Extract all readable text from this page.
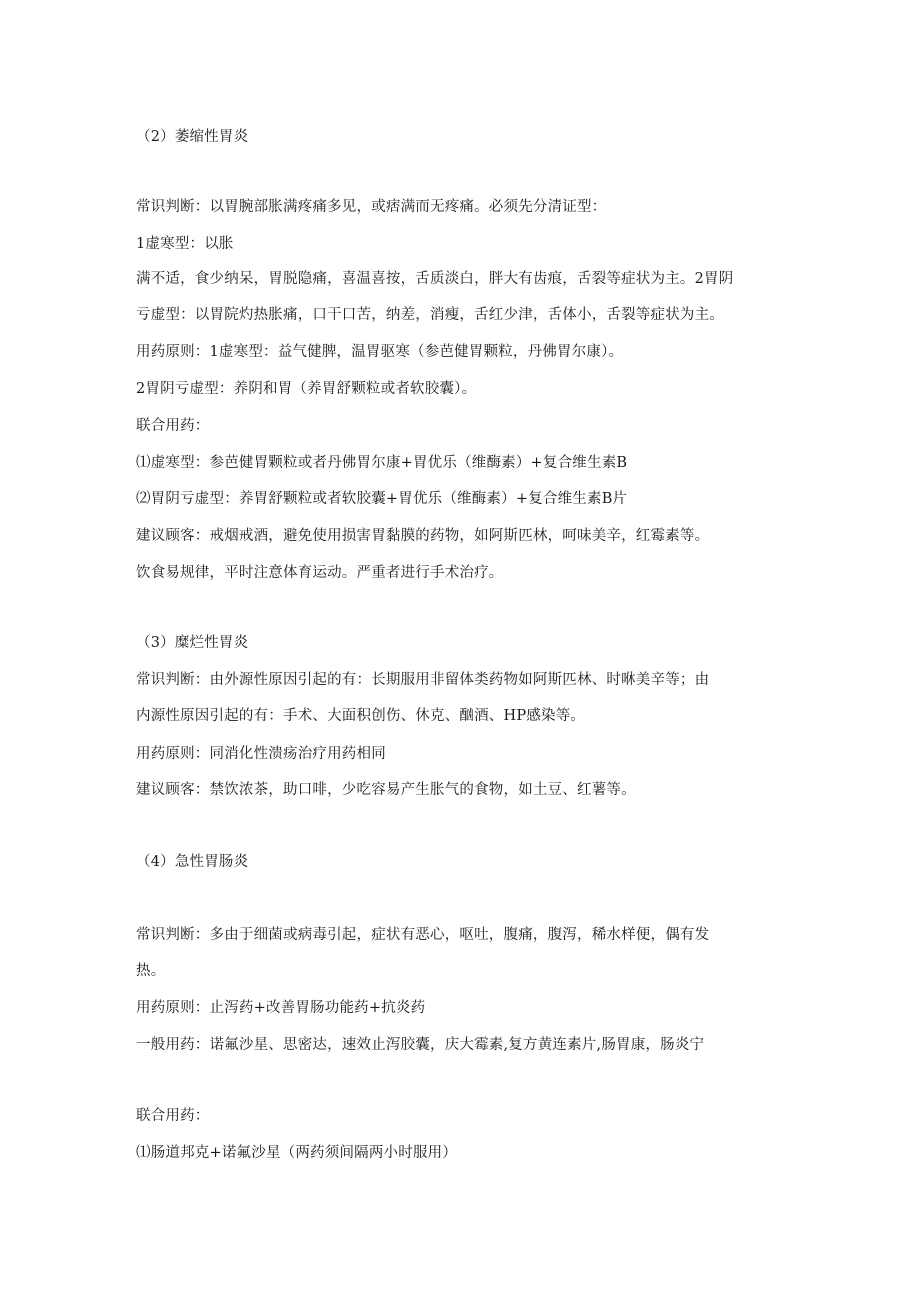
（2）萎缩性胃炎
常识判断：以胃腕部胀满疼痛多见，或痞满而无疼痛。必须先分清证型：
1虚寒型：以胀
满不适，食少纳呆，胃脱隐痛，喜温喜按，舌质淡白，胖大有齿痕，舌裂等症状为主。2胃阴
亏虚型：以胃院灼热胀痛，口干口苦，纳差，消瘦，舌红少津，舌体小，舌裂等症状为主。
用药原则：1虚寒型：益气健脾，温胃驱寒（参芭健胃颗粒，丹佛胃尔康）。
2胃阴亏虚型：养阴和胃（养胃舒颗粒或者软胶囊）。
联合用药：
⑴虚寒型：参芭健胃颗粒或者丹佛胃尔康+胃优乐（维酶素）+复合维生素B
⑵胃阴亏虚型：养胃舒颗粒或者软胶囊+胃优乐（维酶素）+复合维生素B片
建议顾客：戒烟戒酒，避免使用损害胃黏膜的药物，如阿斯匹林，呵味美辛，红霉素等。
饮食易规律，平时注意体育运动。严重者进行手术治疗。
（3）糜烂性胃炎
常识判断：由外源性原因引起的有：长期服用非留体类药物如阿斯匹林、时咻美辛等；由
内源性原因引起的有：手术、大面积创伤、休克、酗酒、HP感染等。
用药原则：同消化性溃疡治疗用药相同
建议顾客：禁饮浓茶，助口啡，少吃容易产生胀气的食物，如土豆、红薯等。
（4）急性胃肠炎
常识判断：多由于细菌或病毒引起，症状有恶心，呕吐，腹痛，腹泻，稀水样便，偶有发
热。
用药原则：止泻药+改善胃肠功能药+抗炎药
一般用药：诺氟沙星、思密达，速效止泻胶囊，庆大霉素,复方黄连素片,肠胃康，肠炎宁
联合用药：
⑴肠道邦克+诺氟沙星（两药须间隔两小时服用）
